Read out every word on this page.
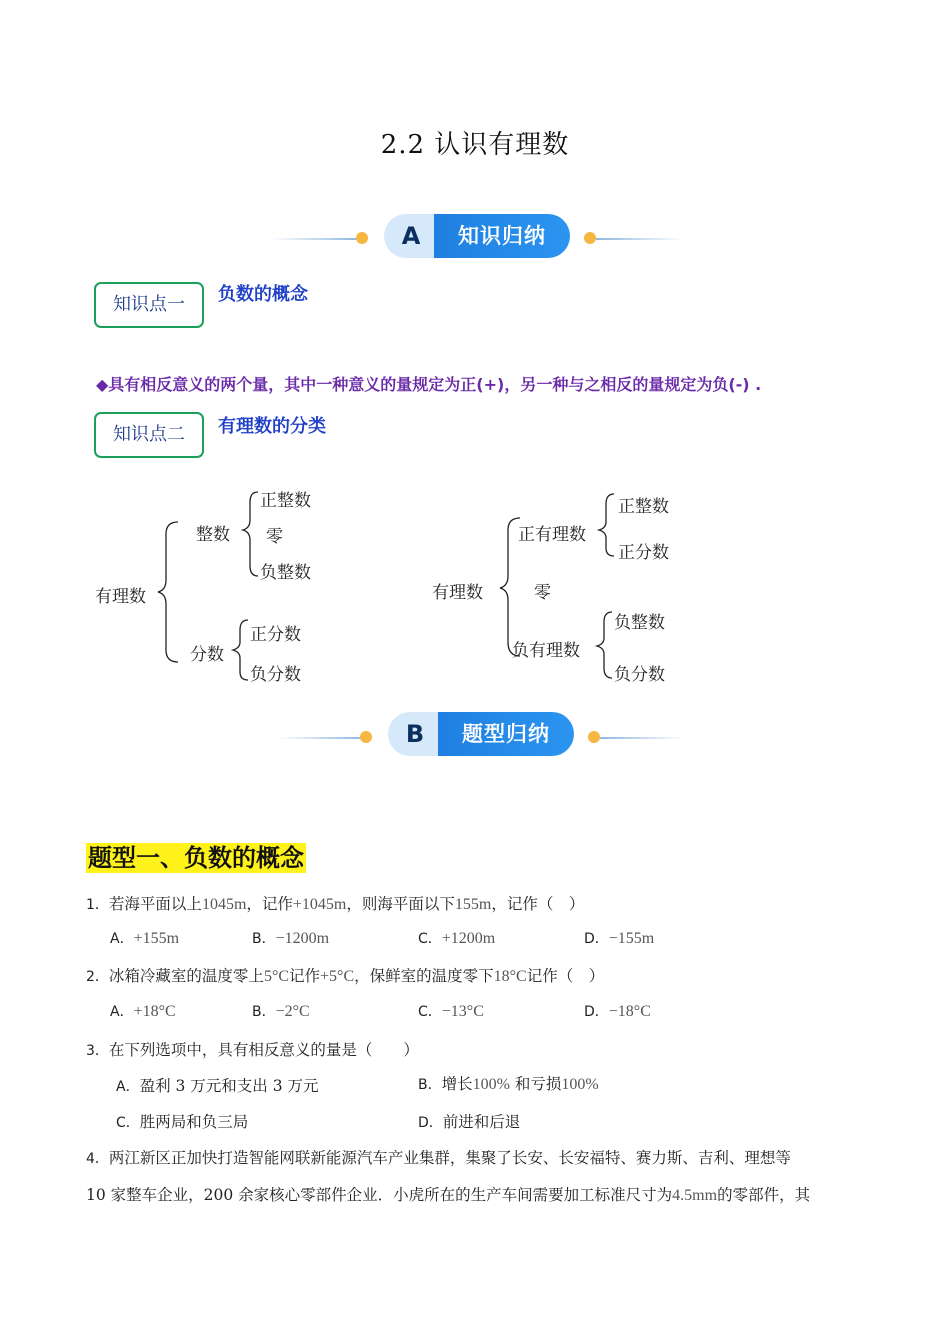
2.2 认识有理数
A	知识归纳
知识点一	负数的概念
◆具有相反意义的两个量，其中一种意义的量规定为正(+)，另一种与之相反的量规定为负(-) .
知识点二	有理数的分类
有理数
整数
正整数
零
负整数
分数
正分数
负分数
有理数
正有理数
正整数
正分数
零
负有理数
负整数
负分数
B	题型归纳
题型一、负数的概念
1．若海平面以上1045m，记作+1045m，则海平面以下155m，记作（　）
A．+155m	B．−1200m	C．+1200m	D．−155m
2．冰箱冷藏室的温度零上5°C记作+5°C，保鲜室的温度零下18°C记作（　）
A．+18°C	B．−2°C	C．−13°C	D．−18°C
3．在下列选项中，具有相反意义的量是（　　）
A．盈利 3 万元和支出 3 万元	B．增长100% 和亏损100%
C．胜两局和负三局	D．前进和后退
4．两江新区正加快打造智能网联新能源汽车产业集群，集聚了长安、长安福特、赛力斯、吉利、理想等
10 家整车企业，200 余家核心零部件企业．小虎所在的生产车间需要加工标准尺寸为4.5mm的零部件，其
